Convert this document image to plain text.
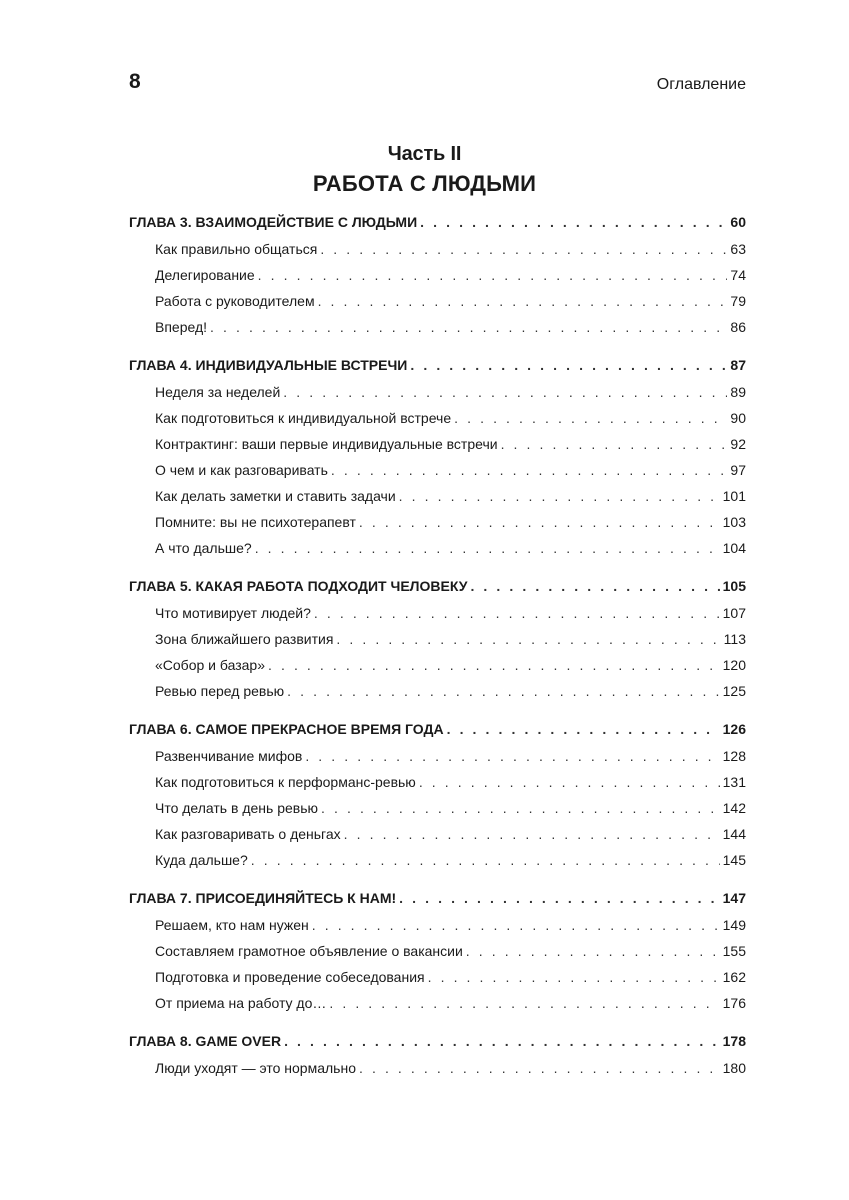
8	Оглавление
Часть II
РАБОТА С ЛЮДЬМИ
ГЛАВА 3. ВЗАИМОДЕЙСТВИЕ С ЛЮДЬМИ . . .	60
Как правильно общаться . . .	63
Делегирование . . .	74
Работа с руководителем . . .	79
Вперед! . . .	86
ГЛАВА 4. ИНДИВИДУАЛЬНЫЕ ВСТРЕЧИ . . .	87
Неделя за неделей . . .	89
Как подготовиться к индивидуальной встрече . . .	90
Контрактинг: ваши первые индивидуальные встречи . . .	92
О чем и как разговаривать . . .	97
Как делать заметки и ставить задачи . . .	101
Помните: вы не психотерапевт . . .	103
А что дальше? . . .	104
ГЛАВА 5. КАКАЯ РАБОТА ПОДХОДИТ ЧЕЛОВЕКУ . . .	105
Что мотивирует людей? . . .	107
Зона ближайшего развития . . .	113
«Собор и базар» . . .	120
Ревью перед ревью . . .	125
ГЛАВА 6. САМОЕ ПРЕКРАСНОЕ ВРЕМЯ ГОДА . . .	126
Развенчивание мифов . . .	128
Как подготовиться к перформанс-ревью . . .	131
Что делать в день ревью . . .	142
Как разговаривать о деньгах . . .	144
Куда дальше? . . .	145
ГЛАВА 7. ПРИСОЕДИНЯЙТЕСЬ К НАМ! . . .	147
Решаем, кто нам нужен . . .	149
Составляем грамотное объявление о вакансии . . .	155
Подготовка и проведение собеседования . . .	162
От приема на работу до… . . .	176
ГЛАВА 8. GAME OVER . . .	178
Люди уходят — это нормально . . .	180
